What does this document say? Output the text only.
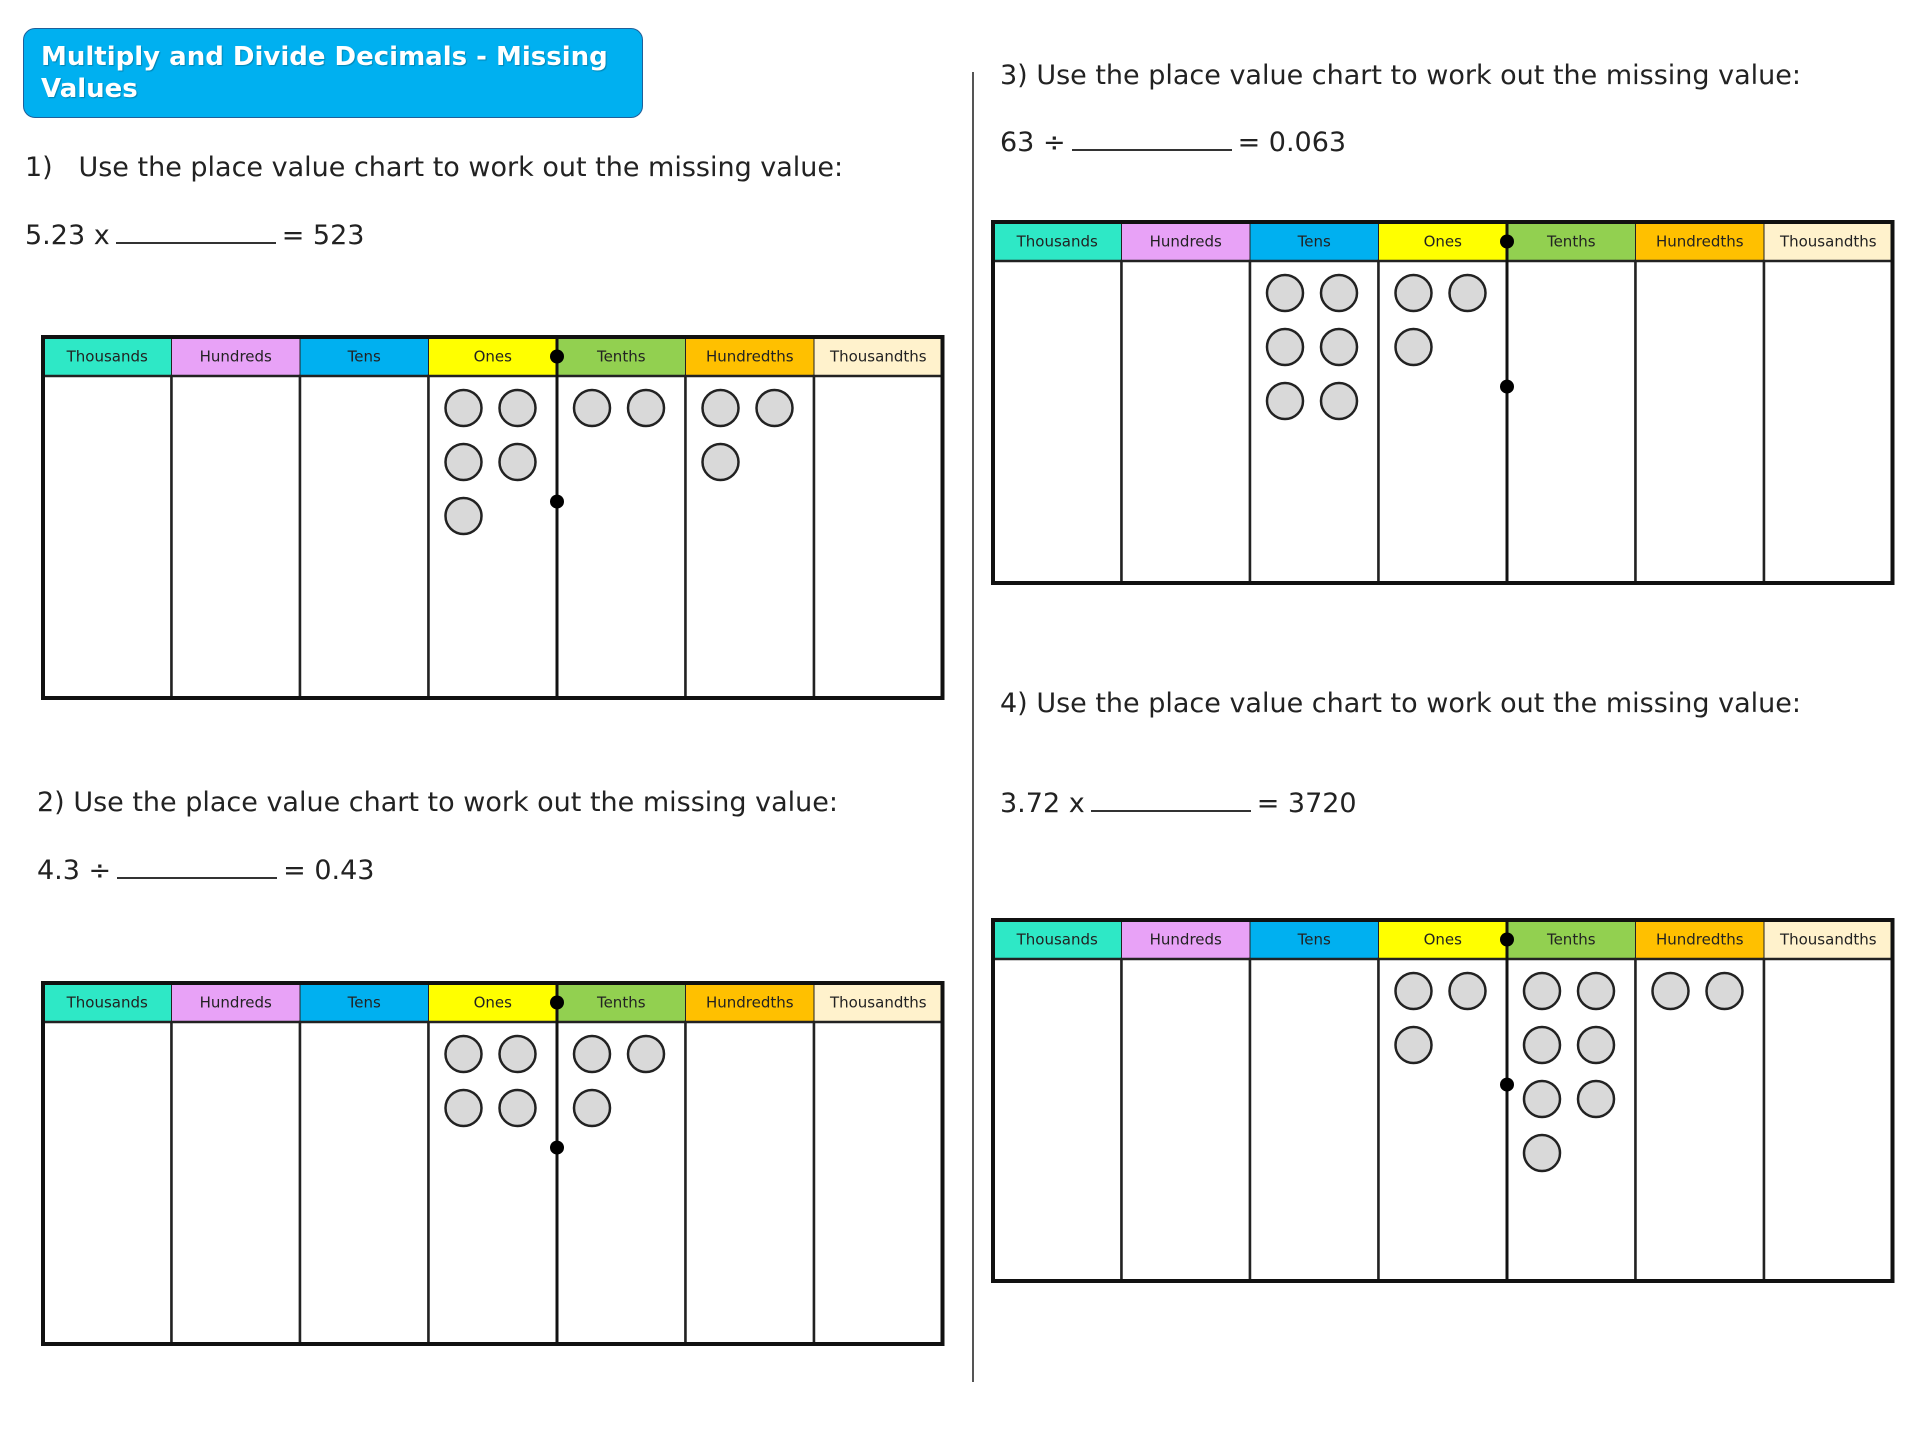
Multiply and Divide Decimals - Missing Values
1) Use the place value chart to work out the missing value:
5.23 x	= 523
Thousands	Hundreds	Tens	Ones	Tenths	Hundredths Thousandths
2) Use the place value chart to work out the missing value:
4.3 ÷	= 0.43
Thousands	Hundreds	Tens	Ones	Tenths	Hundredths Thousandths
3) Use the place value chart to work out the missing value:
63 ÷	= 0.063
Thousands	Hundreds	Tens	Ones	Tenths	Hundredths Thousandths
4) Use the place value chart to work out the missing value:
3.72 x	= 3720
Thousands	Hundreds	Tens	Ones	Tenths	Hundredths Thousandths
